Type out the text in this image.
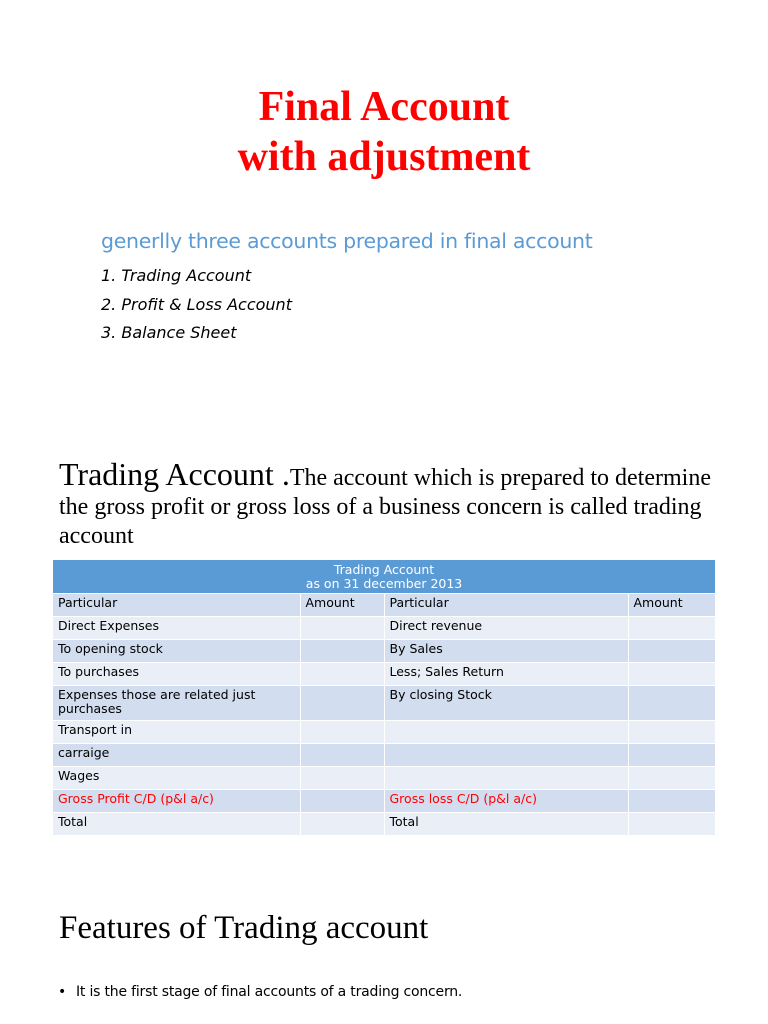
Final Account
with adjustment
generlly three accounts prepared in final account
1. Trading Account
2. Profit & Loss Account
3. Balance Sheet
Trading Account .The account which is prepared to determine the gross profit or gross loss of a business concern is called trading account
Trading Account
as on 31 december 2013			

Particular	Amount	Particular	Amount
Direct Expenses		Direct revenue	
To opening stock		By Sales	
To purchases		Less; Sales Return	
Expenses those are related just purchases		By closing Stock	
Transport in			
carraige			
Wages			
Gross Profit C/D (p&l a/c)		Gross loss C/D (p&l a/c)	
Total		Total	
Features of Trading account
• It is the first stage of final accounts of a trading concern.
